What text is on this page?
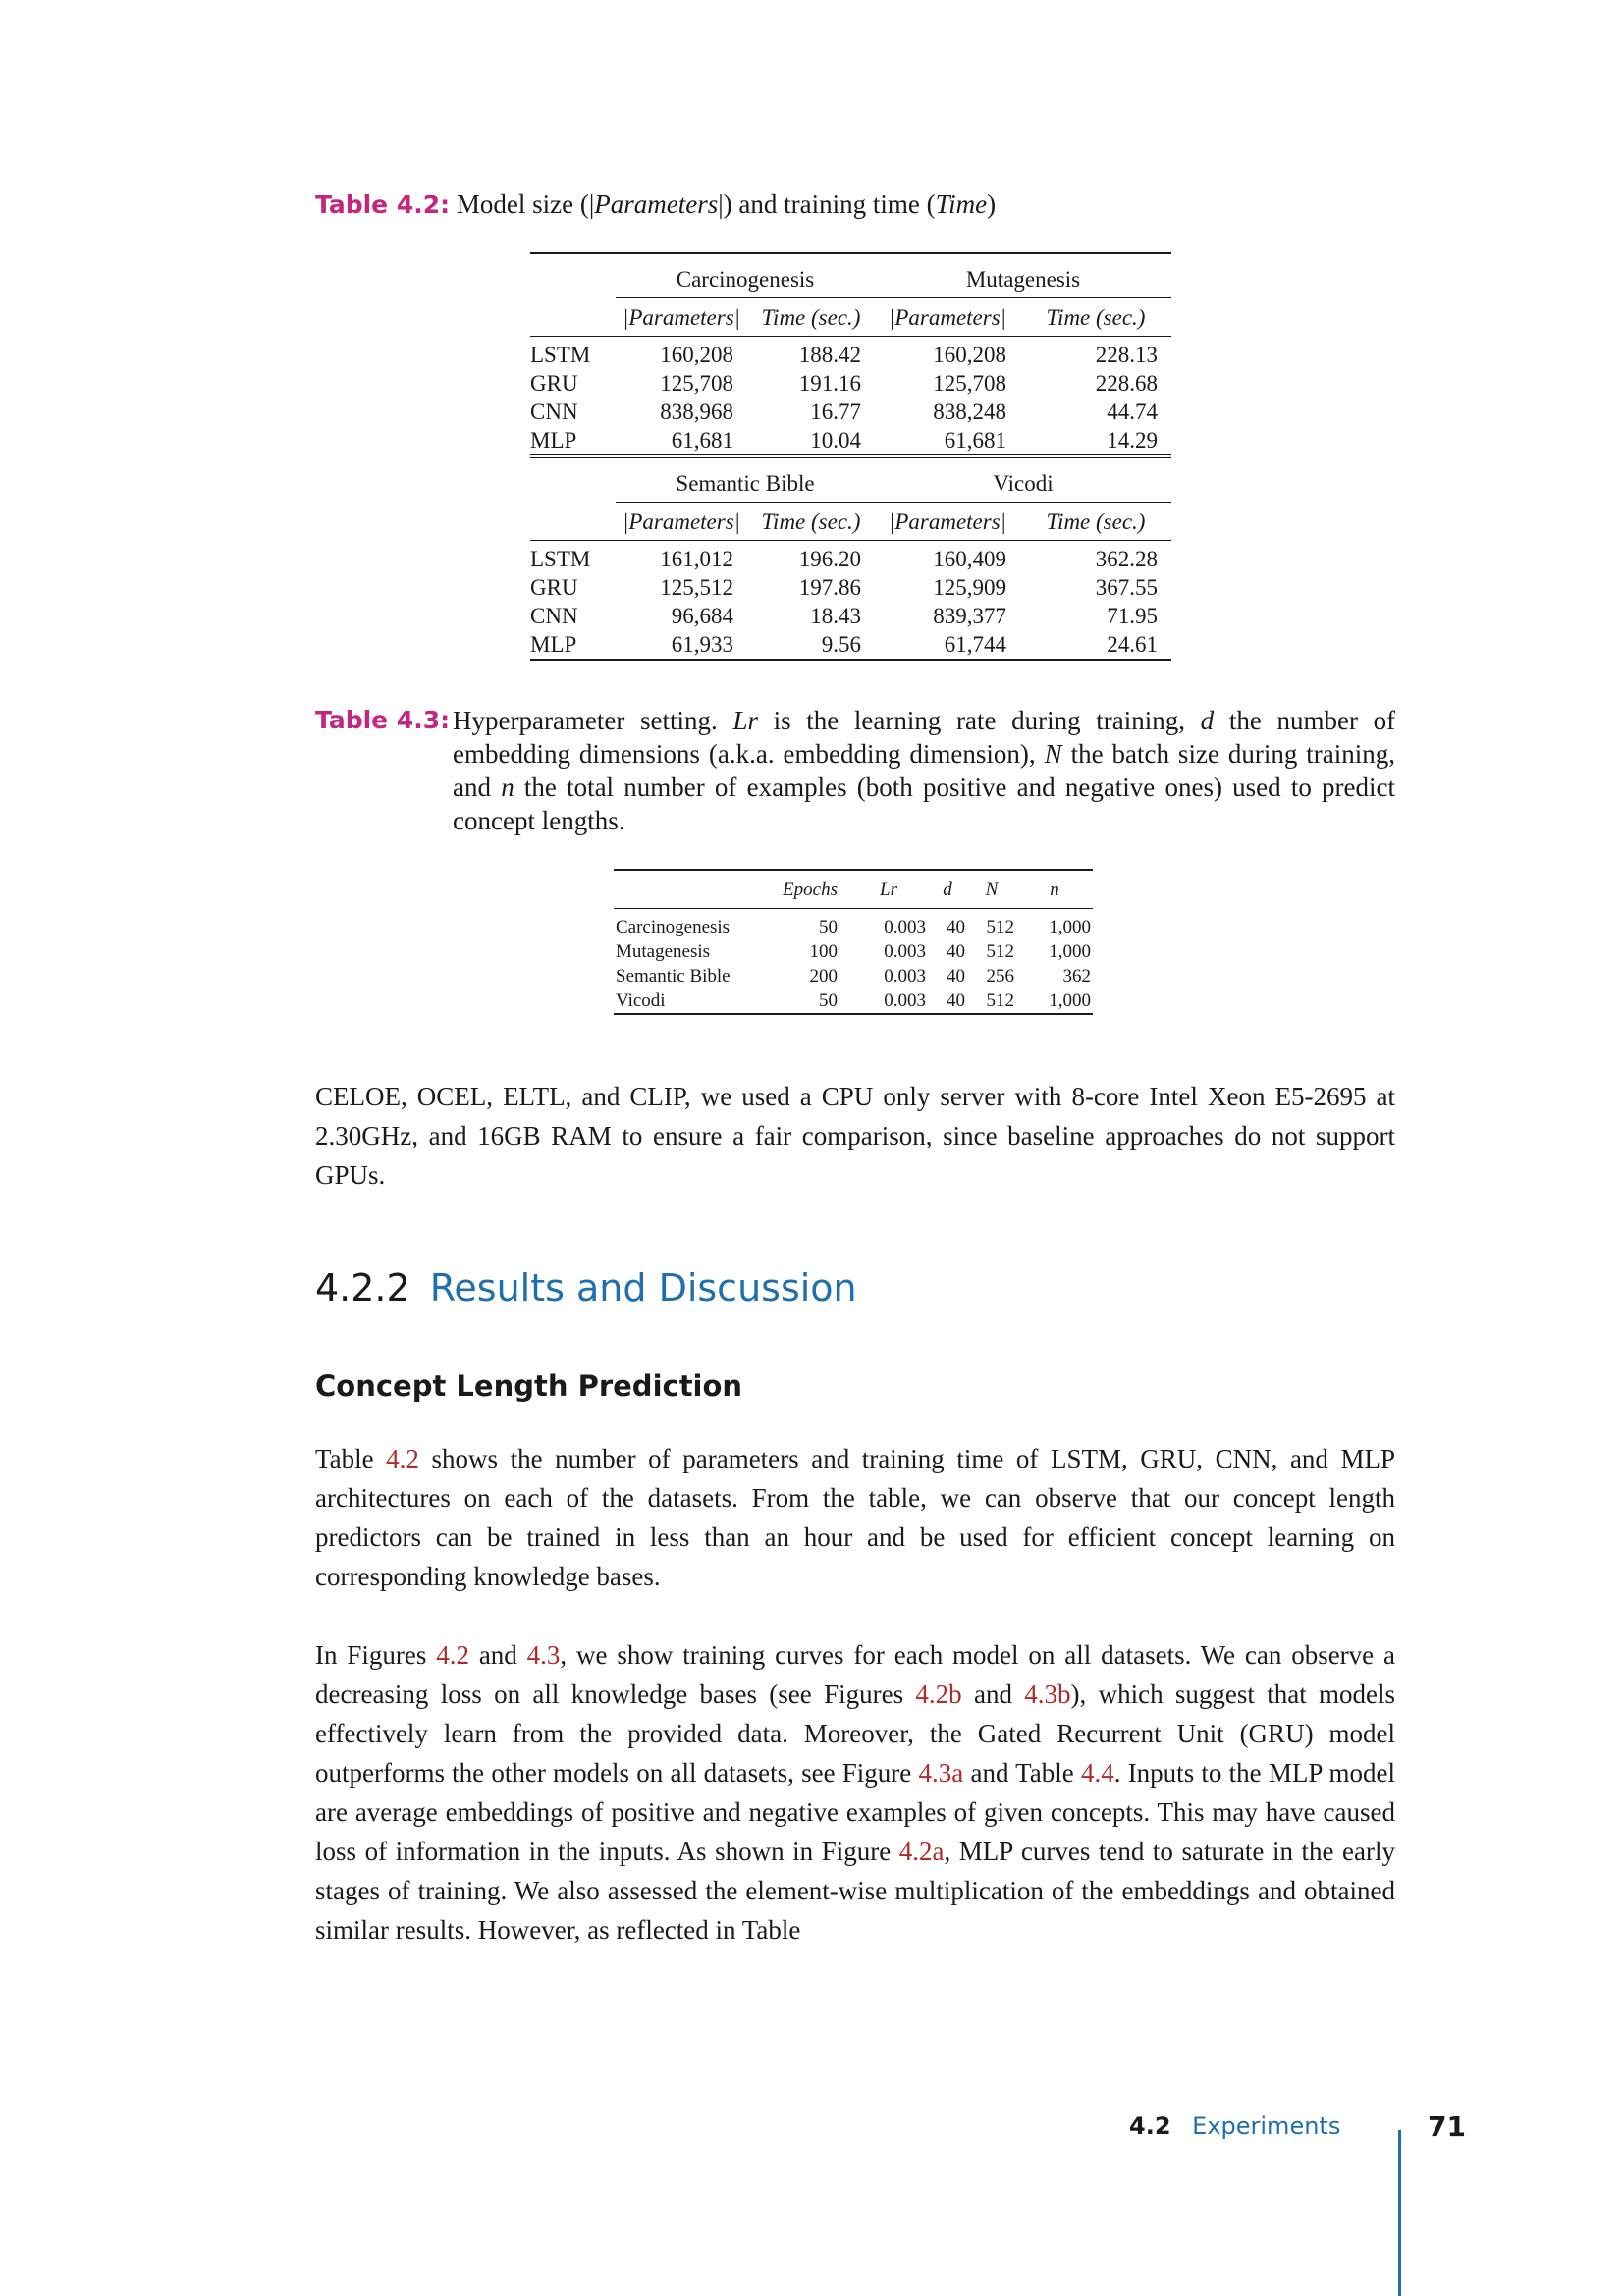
Table 4.2: Model size (|Parameters|) and training time (Time)
	Carcinogenesis		Mutagenesis	
	|Parameters|	Time (sec.)	|Parameters|	Time (sec.)
LSTM	160,208	188.42	160,208	228.13
GRU	125,708	191.16	125,708	228.68
CNN	838,968	16.77	838,248	44.74
MLP	61,681	10.04	61,681	14.29
	Semantic Bible		Vicodi	
	|Parameters|	Time (sec.)	|Parameters|	Time (sec.)
LSTM	161,012	196.20	160,409	362.28
GRU	125,512	197.86	125,909	367.55
CNN	96,684	18.43	839,377	71.95
MLP	61,933	9.56	61,744	24.61
Table 4.3: Hyperparameter setting. Lr is the learning rate during training, d the number of embedding dimensions (a.k.a. embedding dimension), N the batch size during training, and n the total number of examples (both positive and negative ones) used to predict concept lengths.
	Epochs	Lr	d	N	n
Carcinogenesis	50	0.003	40	512	1,000
Mutagenesis	100	0.003	40	512	1,000
Semantic Bible	200	0.003	40	256	362
Vicodi	50	0.003	40	512	1,000
CELOE, OCEL, ELTL, and CLIP, we used a CPU only server with 8-core Intel Xeon E5-2695 at 2.30GHz, and 16GB RAM to ensure a fair comparison, since baseline approaches do not support GPUs.
4.2.2 Results and Discussion
Concept Length Prediction
Table 4.2 shows the number of parameters and training time of LSTM, GRU, CNN, and MLP architectures on each of the datasets. From the table, we can observe that our concept length predictors can be trained in less than an hour and be used for efficient concept learning on corresponding knowledge bases.
In Figures 4.2 and 4.3, we show training curves for each model on all datasets. We can observe a decreasing loss on all knowledge bases (see Figures 4.2b and 4.3b), which suggest that models effectively learn from the provided data. Moreover, the Gated Recurrent Unit (GRU) model outperforms the other models on all datasets, see Figure 4.3a and Table 4.4. Inputs to the MLP model are average embeddings of positive and negative examples of given concepts. This may have caused loss of information in the inputs. As shown in Figure 4.2a, MLP curves tend to saturate in the early stages of training. We also assessed the element-wise multiplication of the embeddings and obtained similar results. However, as reflected in Table
4.2 Experiments	71
